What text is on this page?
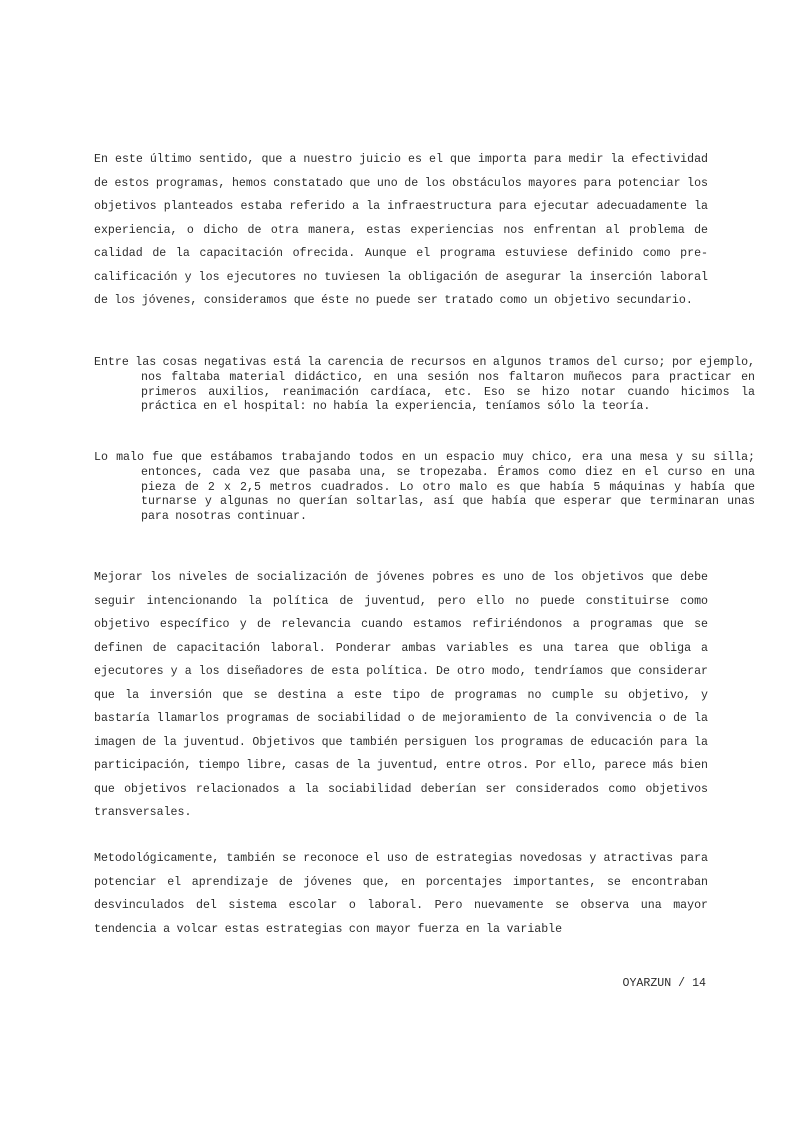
En este último sentido, que a nuestro juicio es el que importa para medir la efectividad de estos programas, hemos constatado que uno de los obstáculos mayores para potenciar los objetivos planteados estaba referido a la infraestructura para ejecutar adecuadamente la experiencia, o dicho de otra manera, estas experiencias nos enfrentan al problema de calidad de la capacitación ofrecida. Aunque el programa estuviese definido como pre-calificación y los ejecutores no tuviesen la obligación de asegurar la inserción laboral de los jóvenes, consideramos que éste no puede ser tratado como un objetivo secundario.

Entre las cosas negativas está la carencia de recursos en algunos tramos del curso; por ejemplo, nos faltaba material didáctico, en una sesión nos faltaron muñecos para practicar en primeros auxilios, reanimación cardíaca, etc. Eso se hizo notar cuando hicimos la práctica en el hospital: no había la experiencia, teníamos sólo la teoría.
Lo malo fue que estábamos trabajando todos en un espacio muy chico, era una mesa y su silla; entonces, cada vez que pasaba una, se tropezaba. Éramos como diez en el curso en una pieza de 2 x 2,5 metros cuadrados. Lo otro malo es que había 5 máquinas y había que turnarse y algunas no querían soltarlas, así que había que esperar que terminaran unas para nosotras continuar.

Mejorar los niveles de socialización de jóvenes pobres es uno de los objetivos que debe seguir intencionando la política de juventud, pero ello no puede constituirse como objetivo específico y de relevancia cuando estamos refiriéndonos a programas que se definen de capacitación laboral. Ponderar ambas variables es una tarea que obliga a ejecutores y a los diseñadores de esta política. De otro modo, tendríamos que considerar que la inversión que se destina a este tipo de programas no cumple su objetivo, y bastaría llamarlos programas de sociabilidad o de mejoramiento de la convivencia o de la imagen de la juventud. Objetivos que también persiguen los programas de educación para la participación, tiempo libre, casas de la juventud, entre otros. Por ello, parece más bien que objetivos relacionados a la sociabilidad deberían ser considerados como objetivos transversales.

Metodológicamente, también se reconoce el uso de estrategias novedosas y atractivas para potenciar el aprendizaje de jóvenes que, en porcentajes importantes, se encontraban desvinculados del sistema escolar o laboral. Pero nuevamente se observa una mayor tendencia a volcar estas estrategias con mayor fuerza en la variable

OYARZUN / 14
